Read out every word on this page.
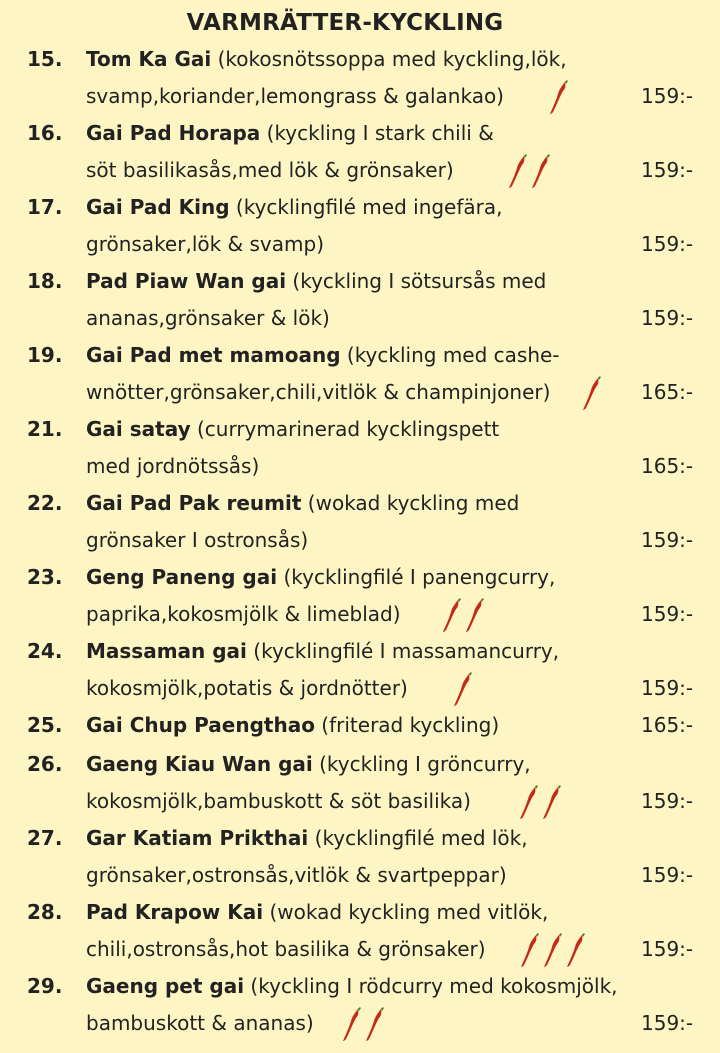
VARMRÄTTER-KYCKLING
15. Tom Ka Gai (kokosnötssoppa med kyckling,lök,
svamp,koriander,lemongrass & galankao)	159:-
16. Gai Pad Horapa (kyckling I stark chili &
söt basilikasås,med lök & grönsaker)	159:-
17. Gai Pad King (kycklingfilé med ingefära,
grönsaker,lök & svamp)	159:-
18. Pad Piaw Wan gai (kyckling I sötsursås med
ananas,grönsaker & lök)	159:-
19. Gai Pad met mamoang (kyckling med cashe-
wnötter,grönsaker,chili,vitlök & champinjoner)	165:-
21. Gai satay (currymarinerad kycklingspett
med jordnötssås)	165:-
22. Gai Pad Pak reumit (wokad kyckling med
grönsaker I ostronsås)	159:-
23. Geng Paneng gai (kycklingfilé I panengcurry,
paprika,kokosmjölk & limeblad)	159:-
24. Massaman gai (kycklingfilé I massamancurry,
kokosmjölk,potatis & jordnötter)	159:-
25. Gai Chup Paengthao (friterad kyckling)	165:-
26. Gaeng Kiau Wan gai (kyckling I gröncurry,
kokosmjölk,bambuskott & söt basilika)	159:-
27. Gar Katiam Prikthai (kycklingfilé med lök,
grönsaker,ostronsås,vitlök & svartpeppar)	159:-
28. Pad Krapow Kai (wokad kyckling med vitlök,
chili,ostronsås,hot basilika & grönsaker)	159:-
29. Gaeng pet gai (kyckling I rödcurry med kokosmjölk,
bambuskott & ananas)	159:-
